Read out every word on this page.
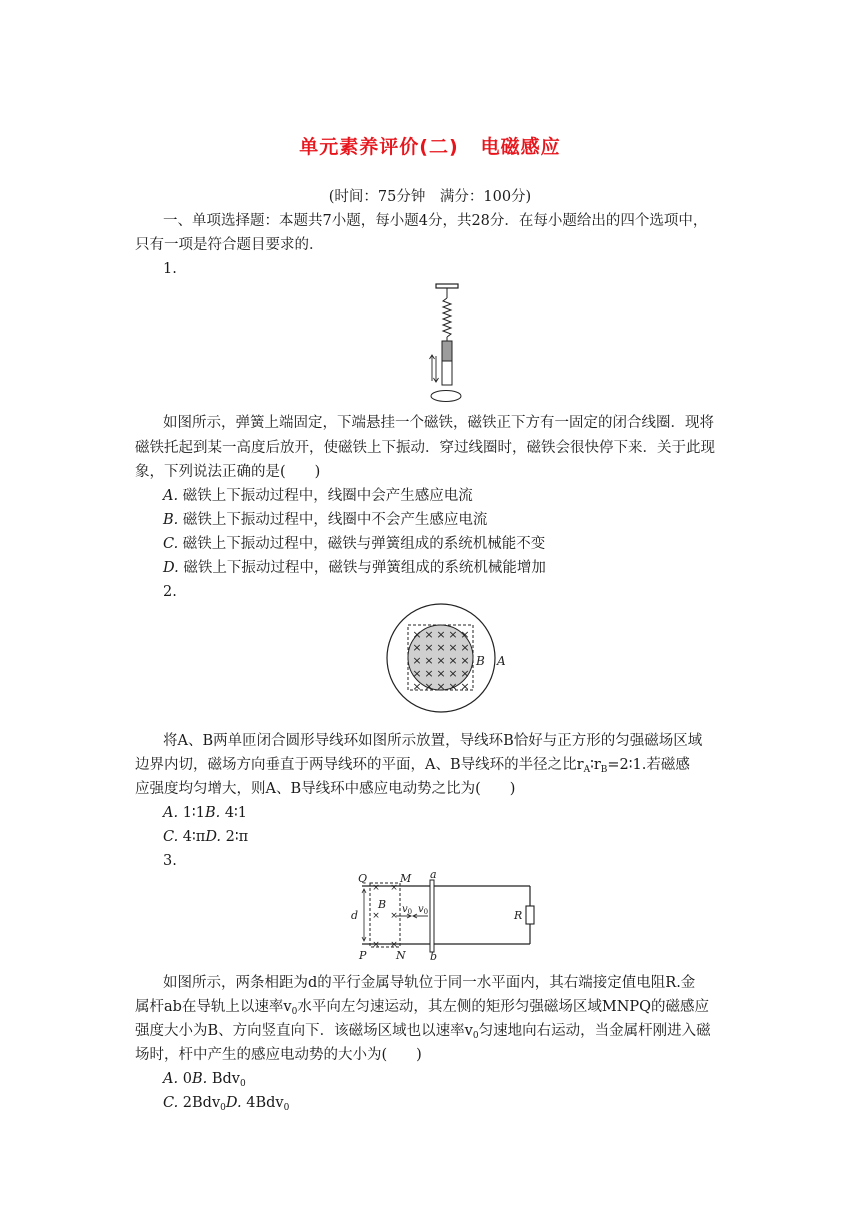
单元素养评价(二) 电磁感应
(时间：75分钟　满分：100分)
一、单项选择题：本题共7小题，每小题4分，共28分．在每小题给出的四个选项中，
只有一项是符合题目要求的．
1.
如图所示，弹簧上端固定，下端悬挂一个磁铁，磁铁正下方有一固定的闭合线圈．现将
磁铁托起到某一高度后放开，使磁铁上下振动．穿过线圈时，磁铁会很快停下来．关于此现
象，下列说法正确的是(　　)
A. 磁铁上下振动过程中，线圈中会产生感应电流
B. 磁铁上下振动过程中，线圈中不会产生感应电流
C. 磁铁上下振动过程中，磁铁与弹簧组成的系统机械能不变
D. 磁铁上下振动过程中，磁铁与弹簧组成的系统机械能增加
2.
× × × × ×
× × × × ×
× × × × ×
× × × × ×
× × × × ×
B A
将A、B两单匝闭合圆形导线环如图所示放置，导线环B恰好与正方形的匀强磁场区域
边界内切，磁场方向垂直于两导线环的平面，A、B导线环的半径之比$r_A∶r_B=2∶1$.若磁感
应强度均匀增大，则A、B导线环中感应电动势之比为(　　)
A. 1∶1B. 4∶1
C. 4∶πD. 2∶π
3.
× ×
× ×
× ×
Q	M a
d
B $v_0$ $v_0$	R
P	N b
如图所示，两条相距为d的平行金属导轨位于同一水平面内，其右端接定值电阻R.金
属杆ab在导轨上以速率$v_0$水平向左匀速运动，其左侧的矩形匀强磁场区域MNPQ的磁感应
强度大小为B、方向竖直向下．该磁场区域也以速率$v_0$匀速地向右运动，当金属杆刚进入磁
场时，杆中产生的感应电动势的大小为(　　)
A. 0B. Bdv$_0$
C. 2Bdv$_0$D. 4Bdv$_0$
